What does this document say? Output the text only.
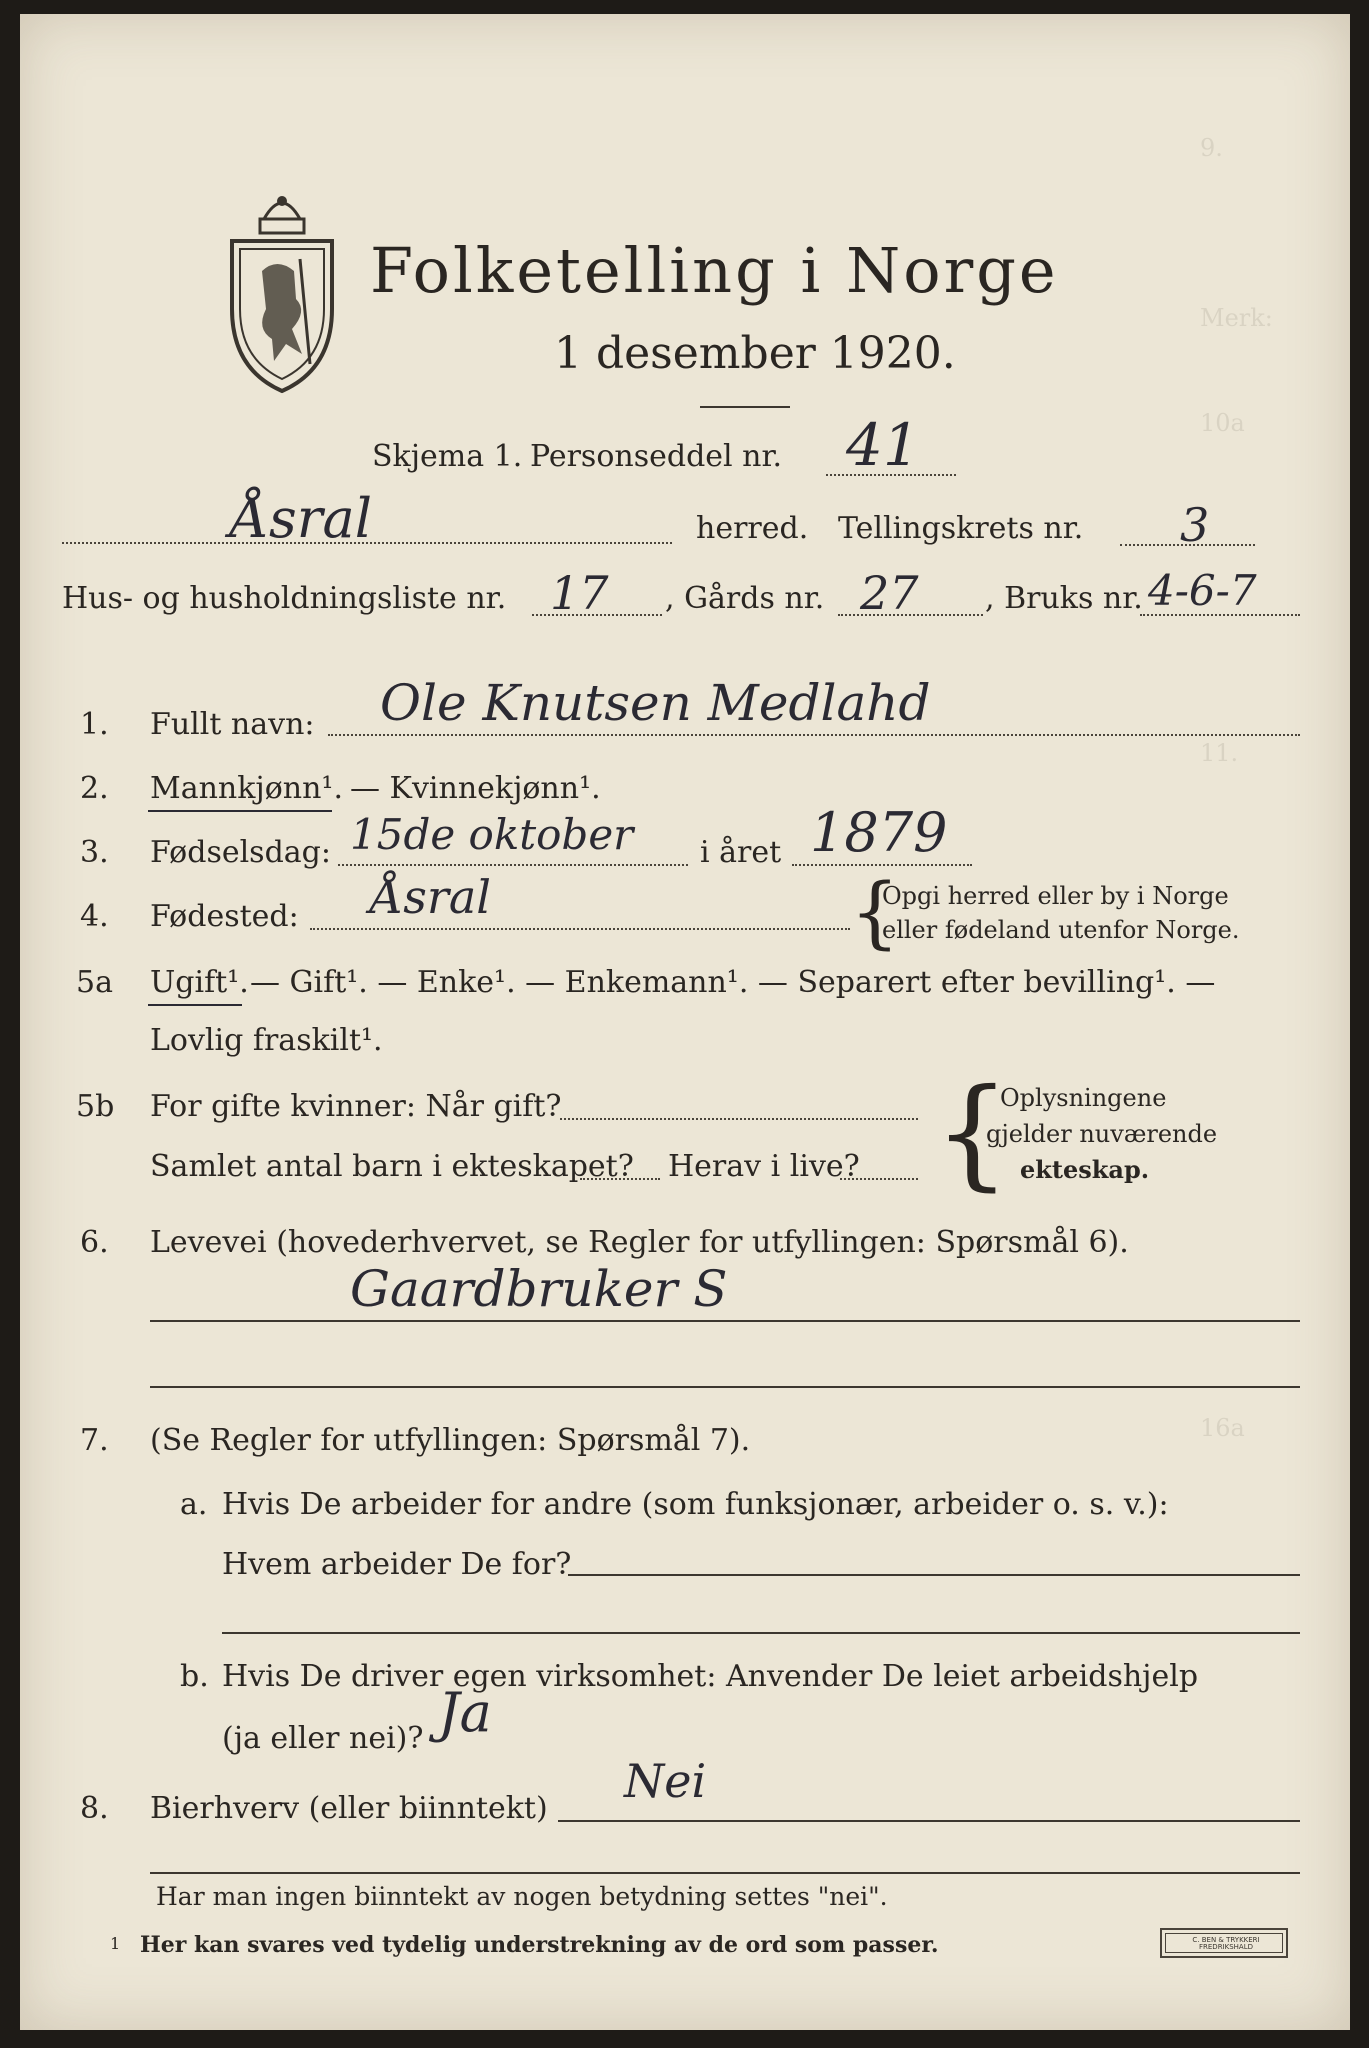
9.
Merk:
10a
11.
16a
Folketelling i Norge
1 desember 1920.
Skjema 1. Personseddel nr. 41
Åsral	herred. Tellingskrets nr. 3
Hus- og husholdningsliste nr. 17 , Gårds nr. 27 , Bruks nr. 4-6-7
1. Fullt navn: Ole Knutsen Medlahd
2. Mannkjønn¹. — Kvinnekjønn¹.
3. Fødselsdag: 15de oktober i året 1879
4. Fødested: Åsral	{
Opgi herred eller by i Norge
eller fødeland utenfor Norge.
5a Ugift¹. — Gift¹. — Enke¹. — Enkemann¹. — Separert efter bevilling¹. —
Lovlig fraskilt¹.
5b For gifte kvinner: Når gift?
Samlet antal barn i ekteskapet? Herav i live? {
Oplysningene
gjelder nuværende
ekteskap.
6. Levevei (hovederhvervet, se Regler for utfyllingen: Spørsmål 6).
Gaardbruker S
7. (Se Regler for utfyllingen: Spørsmål 7).
a. Hvis De arbeider for andre (som funksjonær, arbeider o. s. v.):
Hvem arbeider De for?
b. Hvis De driver egen virksomhet: Anvender De leiet arbeidshjelp
(ja eller nei)? Ja
8. Bierhverv (eller biinntekt)
Nei
Har man ingen biinntekt av nogen betydning settes "nei".
1 Her kan svares ved tydelig understrekning av de ord som passer.	C. BEN & TRYKKERI FREDRIKSHALD
